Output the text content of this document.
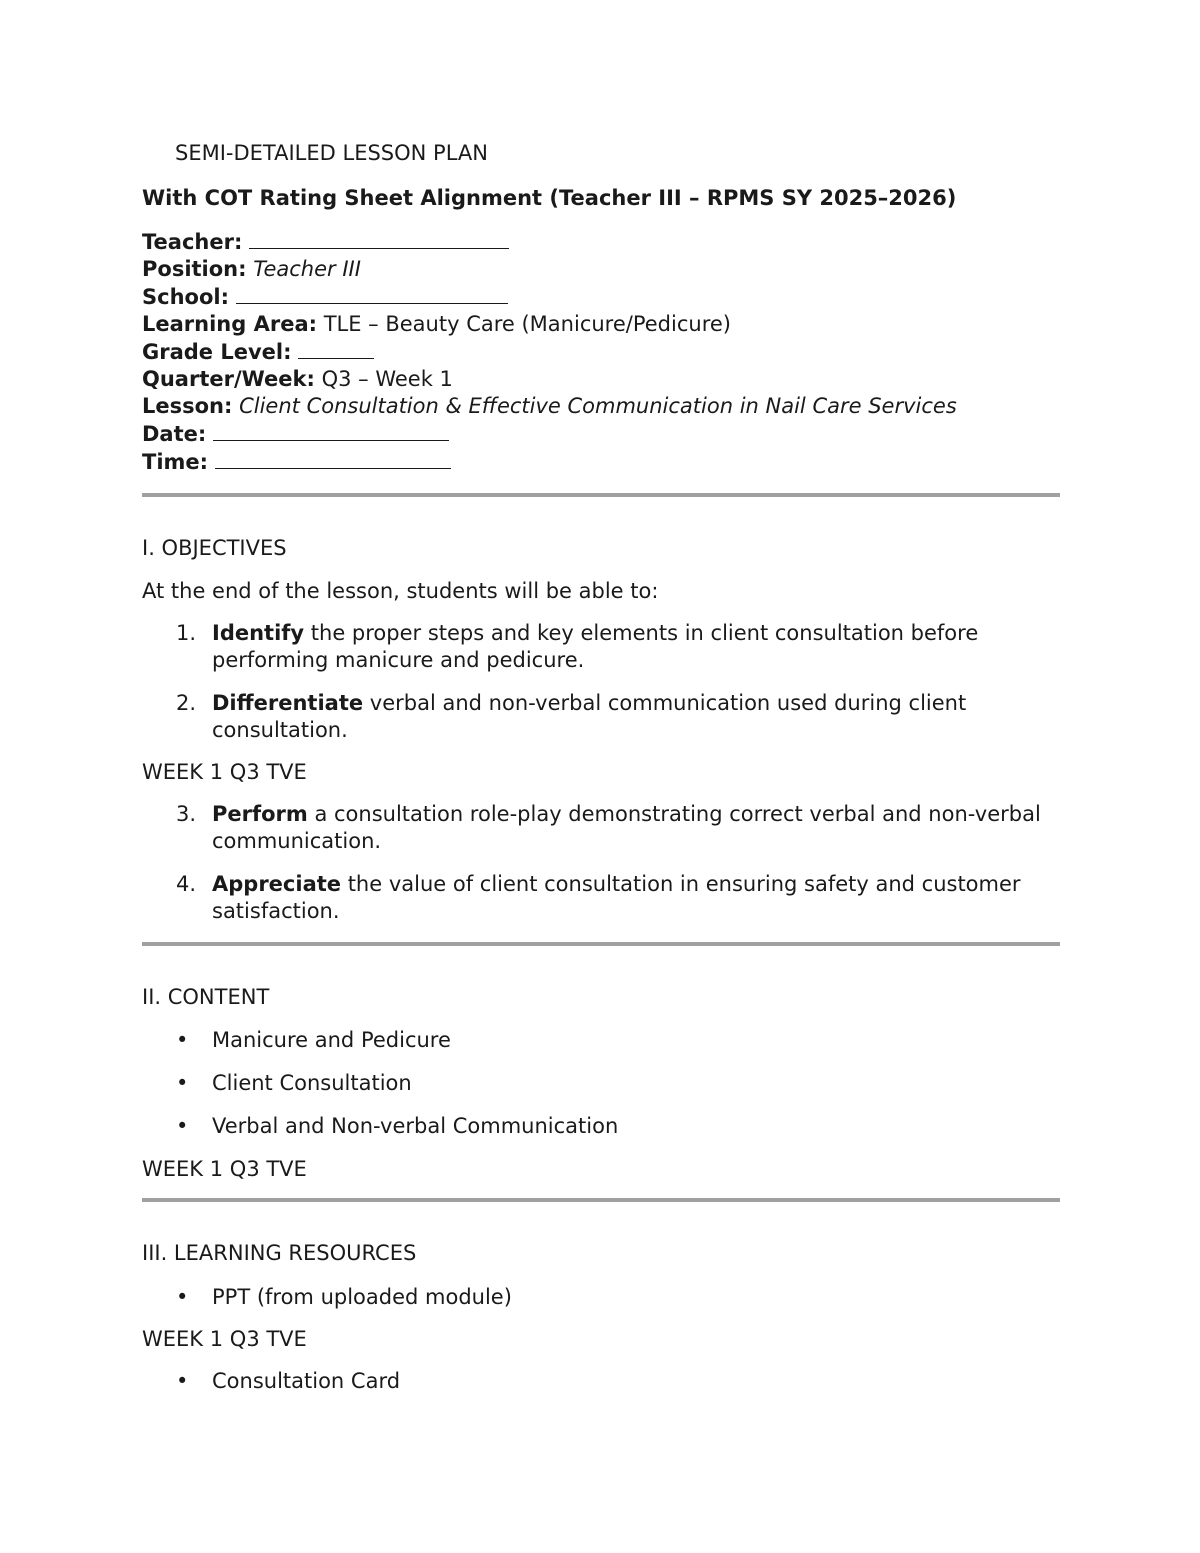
SEMI-DETAILED LESSON PLAN
With COT Rating Sheet Alignment (Teacher III – RPMS SY 2025–2026)
Teacher:
Position: Teacher III
School:
Learning Area: TLE – Beauty Care (Manicure/Pedicure)
Grade Level:
Quarter/Week: Q3 – Week 1
Lesson: Client Consultation & Effective Communication in Nail Care Services
Date:
Time:
I. OBJECTIVES
At the end of the lesson, students will be able to:
1. Identify the proper steps and key elements in client consultation before performing manicure and pedicure.
2. Differentiate verbal and non-verbal communication used during client consultation.
WEEK 1 Q3 TVE
3. Perform a consultation role-play demonstrating correct verbal and non-verbal communication.
4. Appreciate the value of client consultation in ensuring safety and customer satisfaction.
II. CONTENT
• Manicure and Pedicure
• Client Consultation
• Verbal and Non-verbal Communication
WEEK 1 Q3 TVE
III. LEARNING RESOURCES
• PPT (from uploaded module)
WEEK 1 Q3 TVE
• Consultation Card
